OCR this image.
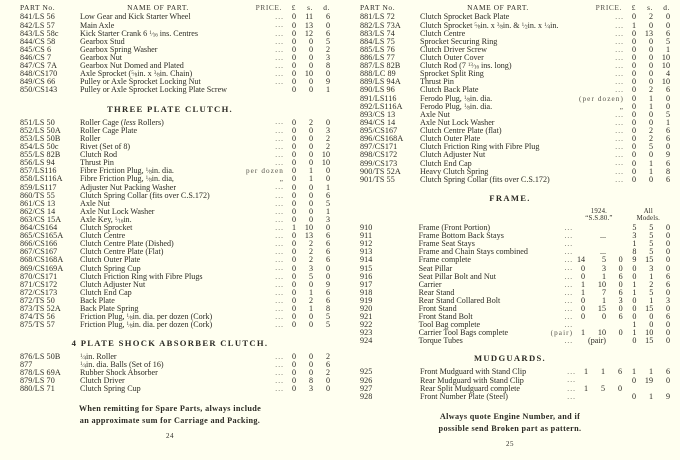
PART No.	NAME OF PART.	PRICE.	£	s.	d.
841/LS 56	Low Gear and Kick Starter Wheel	...	0	11	6
842/LS 57	Main Axle	...	0	13	0
843/LS 58c	Kick Starter Crank 6 $^1⁄_{16}$ ins. Centres	...	0	12	6
844/CS 58	Gearbox Stud	...	0	0	5
845/CS 6	Gearbox Spring Washer	...	0	0	2
846/CS 7	Gearbox Nut	...	0	0	3
847/CS 7A	Gearbox Nut Domed and Plated	...	0	0	8
848/CS170	Axle Sprocket ($^5⁄_8in$. x $^3⁄_8in$. Chain)	...	0	10	0
849/CS 66	Pulley or Axle Sprocket Locking Nut	...	0	0	9
850/CS143	Pulley or Axle Sprocket Locking Plate Screw		0	0	1
THREE PLATE CLUTCH.
851/LS 50	Roller Cage (less Rollers)	...	0	2	0
852/LS 50A	Roller Cage Plate	...	0	0	3
853/LS 50B	Roller	...	0	0	2
854/LS 50c	Rivet (Set of 8)	...	0	0	2
855/LS 82B	Clutch Rod	...	0	0	10
856/LS 94	Thrust Pin	...	0	0	10
857/LS116	Fibre Friction Plug, $^1⁄_8in$. dia.	per dozen	0	1	0
858/LS116A	Fibre Friction Plug, $^1⁄_8in$. dia,	„	0	1	0
859/LS117	Adjuster Nut Packing Washer	...	0	0	1
860/TS 55	Clutch Spring Collar (fits over C.S.172)	...	0	0	6
861/CS 13	Axle Nut	...	0	0	5
862/CS 14	Axle Nut Lock Washer	...	0	0	1
863/CS 15A	Axle Key, $^1⁄_{16}in$.	...	0	0	3
864/CS164	Clutch Sprocket	...	1	10	0
865/CS165A	Clutch Centre	...	0	13	6
866/CS166	Clutch Centre Plate (Dished)	...	0	2	6
867/CS167	Clutch Centre Plate (Flat)	...	0	2	6
868/CS168A	Clutch Outer Plate	...	0	2	6
869/CS169A	Clutch Spring Cup	...	0	3	0
870/CS171	Clutch Friction Ring with Fibre Plugs	...	0	5	0
871/CS172	Clutch Adjuster Nut	...	0	0	9
872/CS173	Clutch End Cap	...	0	1	6
872/TS 50	Back Plate	...	0	2	6
873/TS 52A	Back Plate Spring	...	0	1	8
874/TS 56	Friction Plug, $^1⁄_8in$. dia. per dozen (Cork)	...	0	0	5
875/TS 57	Friction Plug, $^1⁄_8in$. dia. per dozen (Cork)	...	0	0	5
4 PLATE SHOCK ABSORBER CLUTCH.
876/LS 50B	$^1⁄_4in$. Roller	...	0	0	2
877	$^1⁄_4in$. dia. Balls (Set of 16)	...	0	0	6
878/LS 69A	Rubber Shock Absorber	...	0	0	2
879/LS 70	Clutch Driver	...	0	8	0
880/LS 71	Clutch Spring Cup	...	0	3	0
When remitting for Spare Parts, always include
an approximate sum for Carriage and Packing.
24
PART No.	NAME OF PART.	PRICE.	£	s.	d.
881/LS 72	Clutch Sprocket Back Plate	...	0	2	0
882/LS 73A	Clutch Sprocket $^5⁄_8in$. x $^3⁄_8in$. & $^1⁄_2in$. x $^1⁄_4in$.	...	1	0	0
883/LS 74	Clutch Centre	...	0	13	6
884/LS 75	Sprocket Securing Ring	...	0	0	5
885/LS 76	Clutch Driver Screw	...	0	0	1
886/LS 77	Clutch Outer Cover	...	0	0	10
887/LS 82B	Clutch Rod (7 $^{13}⁄_{16}$ ins. long)	...	0	0	10
888/LC 89	Sprocket Split Ring	...	0	0	4
889/LS 94A	Thrust Pin	...	0	0	10
890/LS 96	Clutch Back Plate	...	0	2	6
891/LS116	Ferodo Plug, $^1⁄_8in$. dia.	(per dozen)	0	1	0
892/LS116A	Ferodo Plug, $^1⁄_8in$. dia.	„	0	1	0
893/CS 13	Axle Nut	...	0	0	5
894/CS 14	Axle Nut Lock Washer	...	0	0	1
895/CS167	Clutch Centre Plate (flat)	...	0	2	6
896/CS168A	Clutch Outer Plate	...	0	2	6
897/CS171	Clutch Friction Ring with Fibre Plug	...	0	5	0
898/CS172	Clutch Adjuster Nut	...	0	0	9
899/CS173	Clutch End Cap	...	0	1	6
900/TS 52A	Heavy Clutch Spring	...	0	1	8
901/TS 55	Clutch Spring Collar (fits over C.S.172)	...	0	0	6
FRAME.

1924.
“S.S.80.”

All
Models.

910	Frame (Front Portion)	...				5	5	0
911	Frame Bottom Back Stays	...		...		3	5	0
912	Frame Seat Stays	...				1	5	0
913	Frame and Chain Stays combined	...		...		8	5	0
914	Frame complete	...	14	5	0	9	15	0
915	Seat Pillar	...	0	3	0	0	3	0
916	Seat Pillar Bolt and Nut	...	0	1	6	0	1	6
917	Carrier	...	1	10	0	1	2	6
918	Rear Stand	...	1	7	6	1	5	0
919	Rear Stand Collared Bolt	...	0	1	3	0	1	3
920	Front Stand	...	0	15	0	0	15	0
921	Front Stand Bolt	...	0	0	6	0	0	6
922	Tool Bag complete	...				1	0	0
923	Carrier Tool Bags complete	(pair)	1	10	0	1	10	0
924	Torque Tubes	...		(pair)		0	15	0
MUDGUARDS.
925	Front Mudguard with Stand Clip	...	1	1	6	1	1	6
926	Rear Mudguard with Stand Clip	...				0	19	0
927	Rear Split Mudguard complete	...	1	5	0			
928	Front Number Plate (Steel)	...				0	1	9
Always quote Engine Number, and if
possible send Broken part as pattern.
25
